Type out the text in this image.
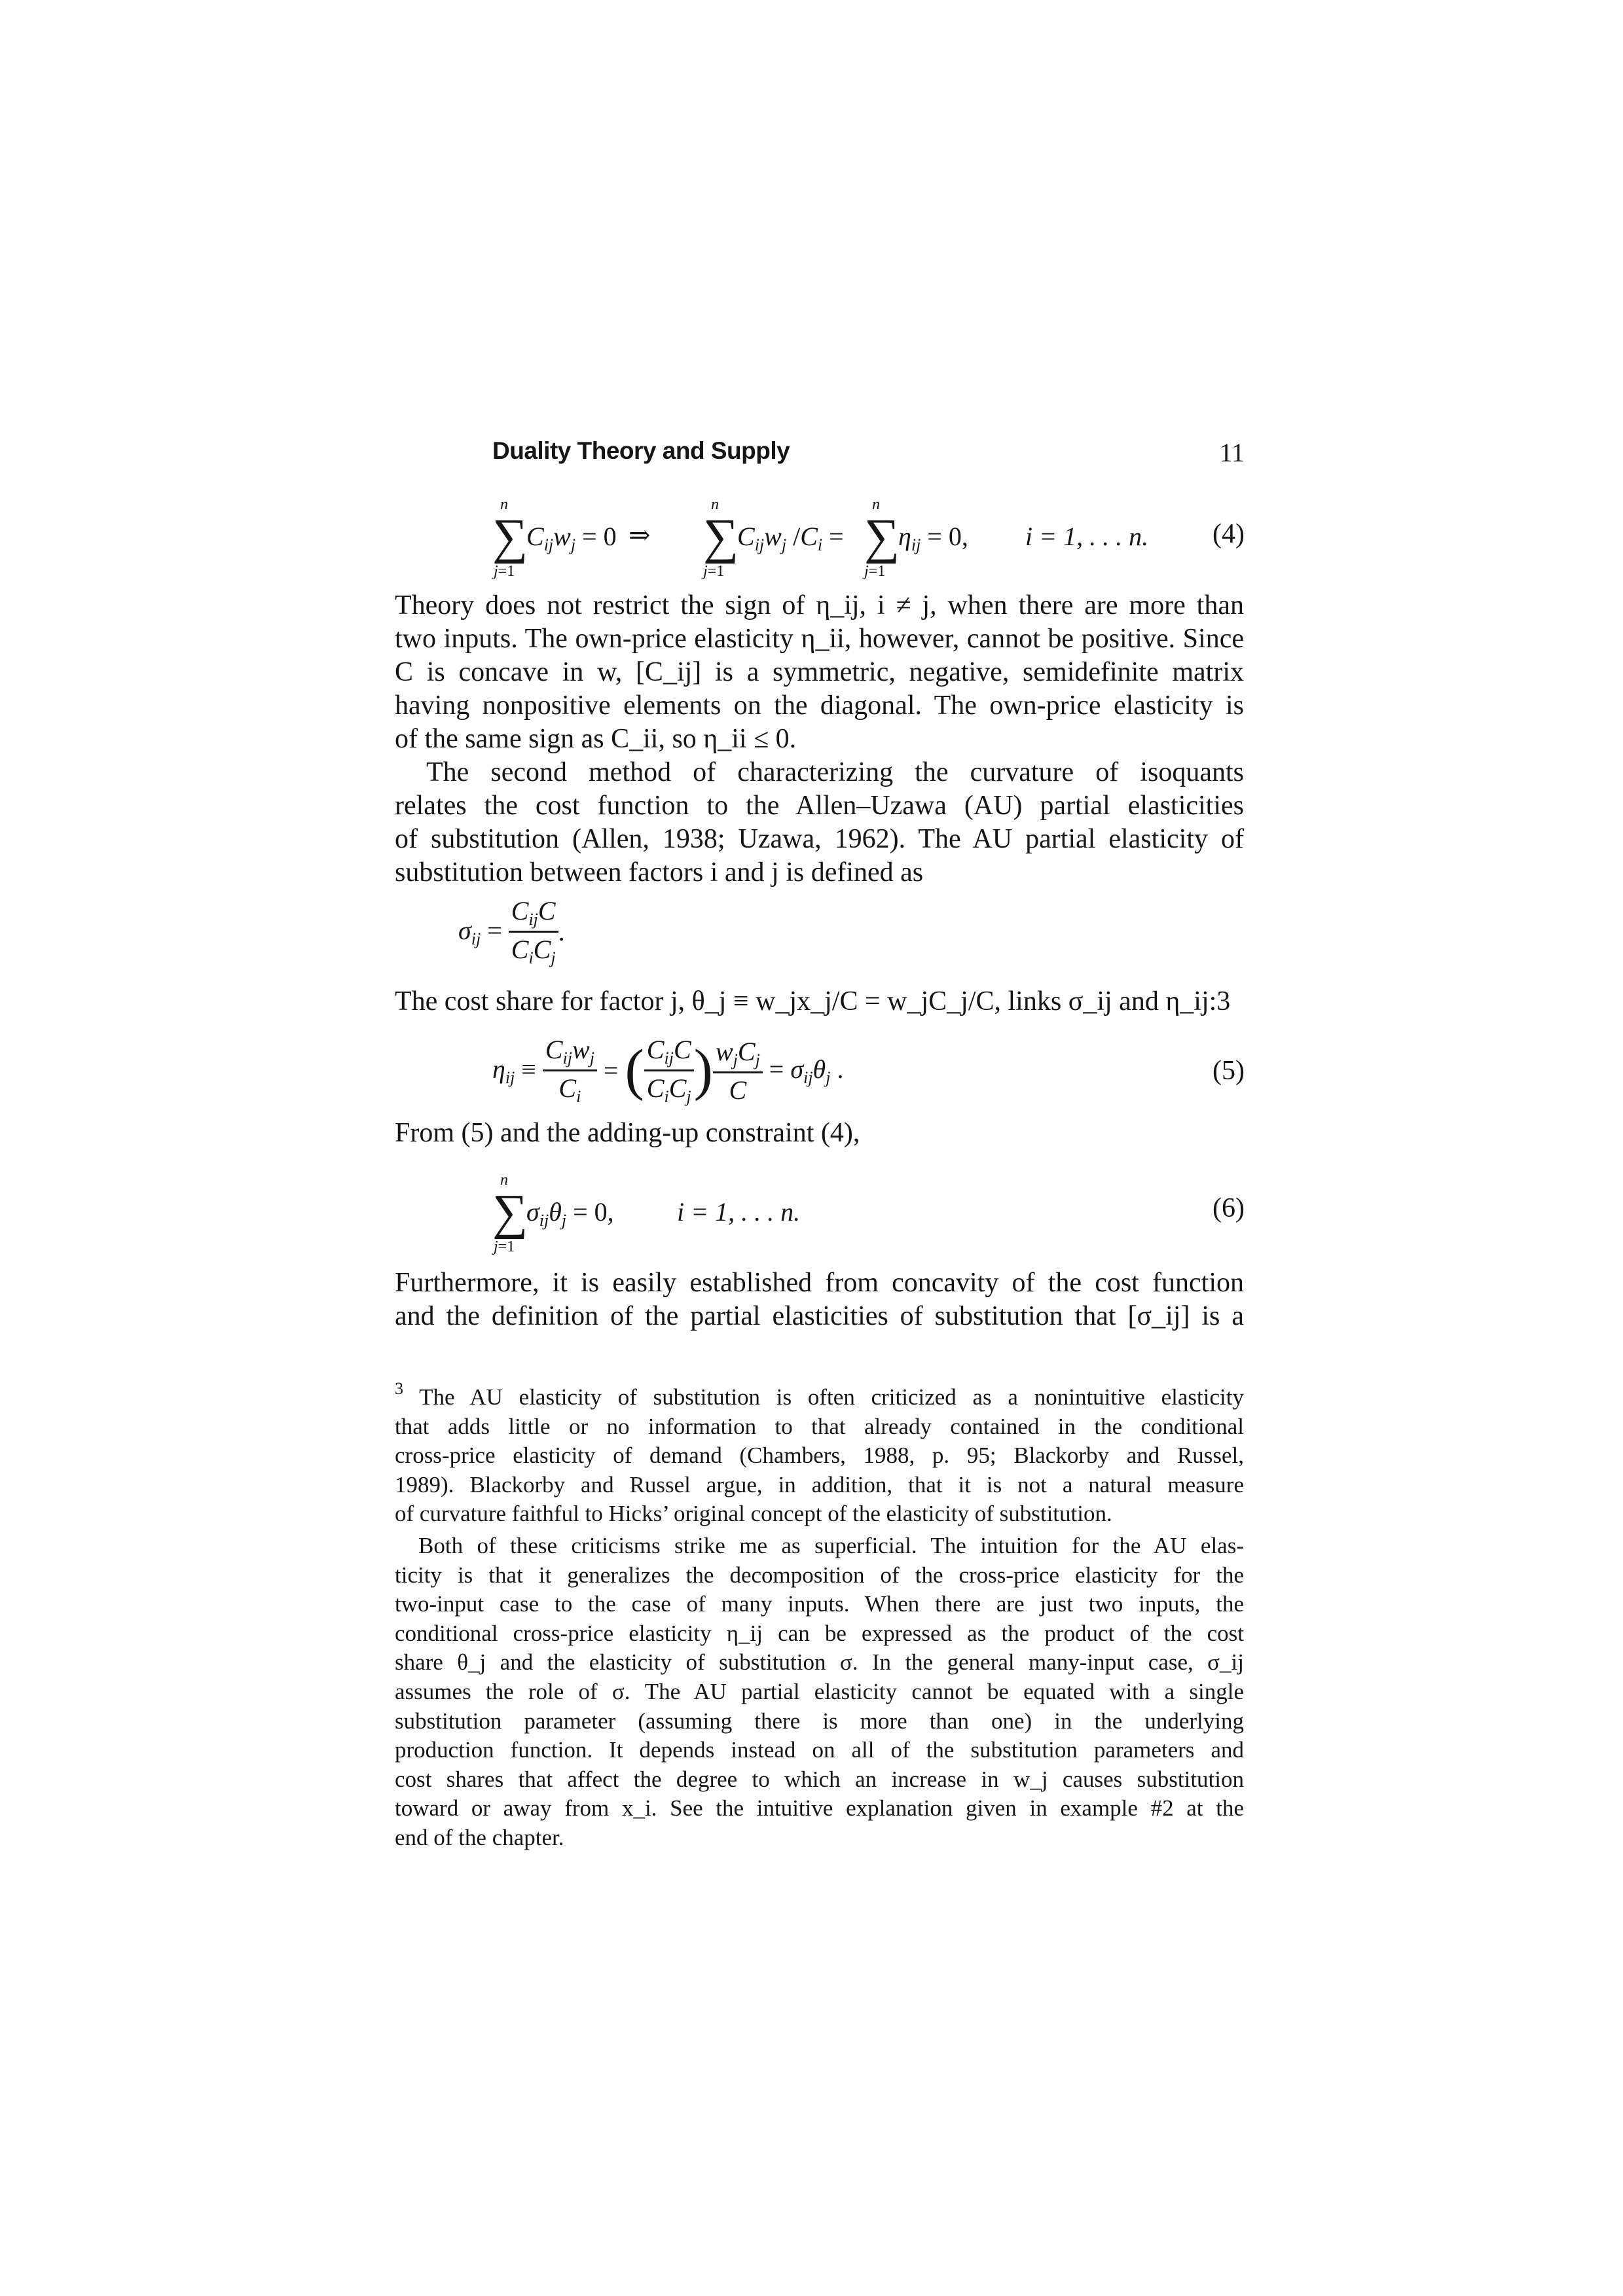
Duality Theory and Supply	11
n
∑
j=1
$C_{ij}w_j = 0$ ⇒
n
∑
j=1
$C_{ij}w_j$ $/C_i$ =
n
∑
j=1
$\eta_{ij} = 0$, i = 1, . . . n. (4)
Theory does not restrict the sign of η_ij, i ≠ j, when there are more than
two inputs. The own-price elasticity η_ii, however, cannot be positive. Since
C is concave in w, [C_ij] is a symmetric, negative, semidefinite matrix
having nonpositive elements on the diagonal. The own-price elasticity is
of the same sign as C_ii, so η_ii ≤ 0.
The second method of characterizing the curvature of isoquants
relates the cost function to the Allen–Uzawa (AU) partial elasticities
of substitution (Allen, 1938; Uzawa, 1962). The AU partial elasticity of
substitution between factors i and j is defined as
$\sigma_{ij} = \frac{C_{ij}C}{C_iC_j}$ .
The cost share for factor j, θ_j ≡ w_jx_j/C = w_jC_j/C, links σ_ij and η_ij:3
$\eta_{ij} \equiv \frac{C_{ij}w_j}{C_i}$ = ( $\frac{C_{ij}C}{C_iC_j}$ ) $\frac{w_jC_j}{C} = \sigma_{ij}\theta_j$ .	(5)
From (5) and the adding-up constraint (4),
n
∑
j=1
$\sigma_{ij}\theta_j = 0$, i = 1, . . . n.	(6)
Furthermore, it is easily established from concavity of the cost function
and the definition of the partial elasticities of substitution that [σ_ij] is a
$^3$ The AU elasticity of substitution is often criticized as a nonintuitive elasticity
that adds little or no information to that already contained in the conditional
cross-price elasticity of demand (Chambers, 1988, p. 95; Blackorby and Russel,
1989). Blackorby and Russel argue, in addition, that it is not a natural measure
of curvature faithful to Hicks’ original concept of the elasticity of substitution.
Both of these criticisms strike me as superficial. The intuition for the AU elas-
ticity is that it generalizes the decomposition of the cross-price elasticity for the
two-input case to the case of many inputs. When there are just two inputs, the
conditional cross-price elasticity η_ij can be expressed as the product of the cost
share θ_j and the elasticity of substitution σ. In the general many-input case, σ_ij
assumes the role of σ. The AU partial elasticity cannot be equated with a single
substitution parameter (assuming there is more than one) in the underlying
production function. It depends instead on all of the substitution parameters and
cost shares that affect the degree to which an increase in w_j causes substitution
toward or away from x_i. See the intuitive explanation given in example #2 at the
end of the chapter.
